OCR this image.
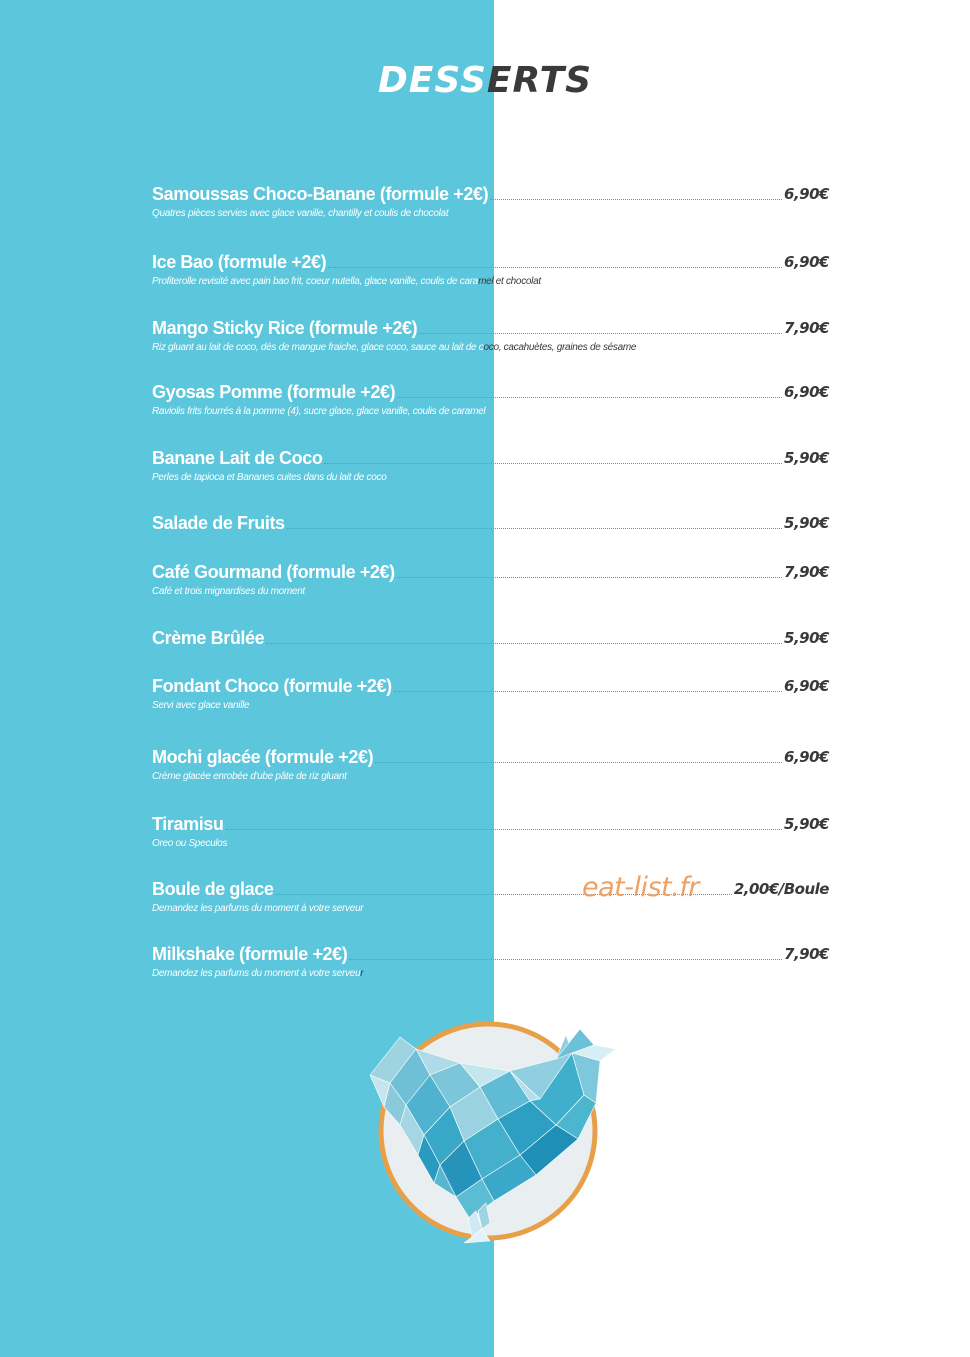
DESSERTS
Samoussas Choco-Banane (formule +2€)	6,90€
Quatres pièces servies avec glace vanille, chantilly et coulis de chocolat
Ice Bao (formule +2€)	6,90€
Profiterolle revisité avec pain bao frit, coeur nutella, glace vanille, coulis de caramel et chocolat
Mango Sticky Rice (formule +2€)	7,90€
Riz gluant au lait de coco, dés de mangue fraiche, glace coco, sauce au lait de coco, cacahuètes, graines de sésame
Gyosas Pomme (formule +2€)	6,90€
Raviolis frits fourrés à la pomme (4), sucre glace, glace vanille, coulis de caramel
Banane Lait de Coco	5,90€
Perles de tapioca et Bananes cuites dans du lait de coco
Salade de Fruits	5,90€
Café Gourmand (formule +2€)	7,90€
Café et trois mignardises du moment
Crème Brûlée	5,90€
Fondant Choco (formule +2€)	6,90€
Servi avec glace vanille
Mochi glacée (formule +2€)	6,90€
Crème glacée enrobée d'ube pâte de riz gluant
Tiramisu	5,90€
Oreo ou Speculos
Boule de glace	2,00€/Boule
Demandez les parfums du moment à votre serveur
Milkshake (formule +2€)	7,90€
Demandez les parfums du moment à votre serveur
eat-list.fr
